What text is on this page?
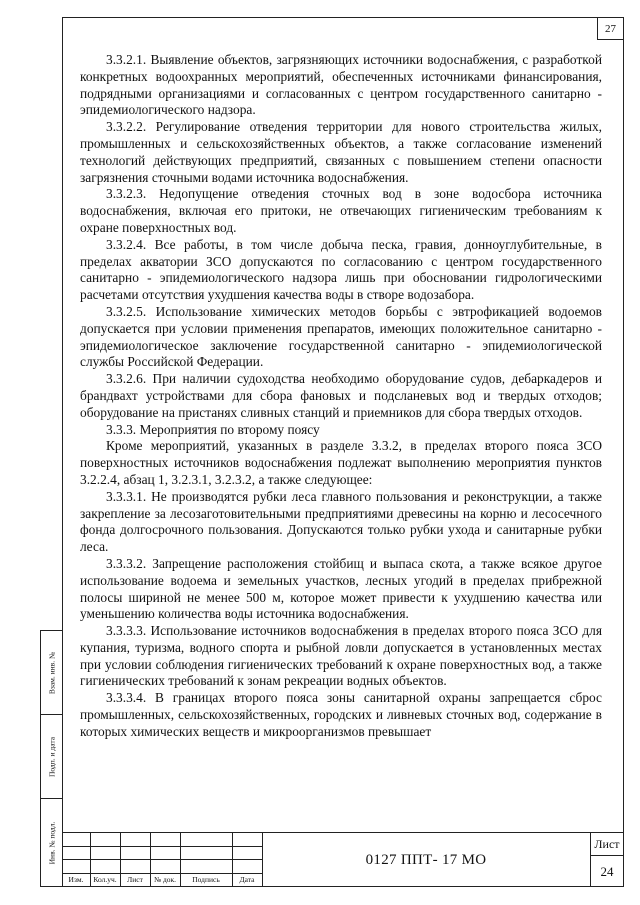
27

3.3.2.1. Выявление объектов, загрязняющих источники водоснабжения, с разработкой конкретных водоохранных мероприятий, обеспеченных источниками финансирования, подрядными организациями и согласованных с центром государственного санитарно - эпидемиологического надзора.

3.3.2.2. Регулирование отведения территории для нового строительства жилых, промышленных и сельскохозяйственных объектов, а также согласование изменений технологий действующих предприятий, связанных с повышением степени опасности загрязнения сточными водами источника водоснабжения.

3.3.2.3. Недопущение отведения сточных вод в зоне водосбора источника водоснабжения, включая его притоки, не отвечающих гигиеническим требованиям к охране поверхностных вод.

3.3.2.4. Все работы, в том числе добыча песка, гравия, донноуглубительные, в пределах акватории ЗСО допускаются по согласованию с центром государственного санитарно - эпидемиологического надзора лишь при обосновании гидрологическими расчетами отсутствия ухудшения качества воды в створе водозабора.

3.3.2.5. Использование химических методов борьбы с эвтрофикацией водоемов допускается при условии применения препаратов, имеющих положительное санитарно - эпидемиологическое заключение государственной санитарно - эпидемиологической службы Российской Федерации.

3.3.2.6. При наличии судоходства необходимо оборудование судов, дебаркадеров и брандвахт устройствами для сбора фановых и подсланевых вод и твердых отходов; оборудование на пристанях сливных станций и приемников для сбора твердых отходов.

3.3.3. Мероприятия по второму поясу

Кроме мероприятий, указанных в разделе 3.3.2, в пределах второго пояса ЗСО поверхностных источников водоснабжения подлежат выполнению мероприятия пунктов 3.2.2.4, абзац 1, 3.2.3.1, 3.2.3.2, а также следующее:

3.3.3.1. Не производятся рубки леса главного пользования и реконструкции, а также закрепление за лесозаготовительными предприятиями древесины на корню и лесосечного фонда долгосрочного пользования. Допускаются только рубки ухода и санитарные рубки леса.

3.3.3.2. Запрещение расположения стойбищ и выпаса скота, а также всякое другое использование водоема и земельных участков, лесных угодий в пределах прибрежной полосы шириной не менее 500 м, которое может привести к ухудшению качества или уменьшению количества воды источника водоснабжения.

3.3.3.3. Использование источников водоснабжения в пределах второго пояса ЗСО для купания, туризма, водного спорта и рыбной ловли допускается в установленных местах при условии соблюдения гигиенических требований к охране поверхностных вод, а также гигиенических требований к зонам рекреации водных объектов.

3.3.3.4. В границах второго пояса зоны санитарной охраны запрещается сброс промышленных, сельскохозяйственных, городских и ливневых сточных вод, содержание в которых химических веществ и микроорганизмов превышает

Взам. инв. №
Подп. и дата
Инв. № подл.
Изм.	Кол.уч.	Лист	№ док.	Подпись	Дата
0127 ППТ- 17 МО
Лист
24
